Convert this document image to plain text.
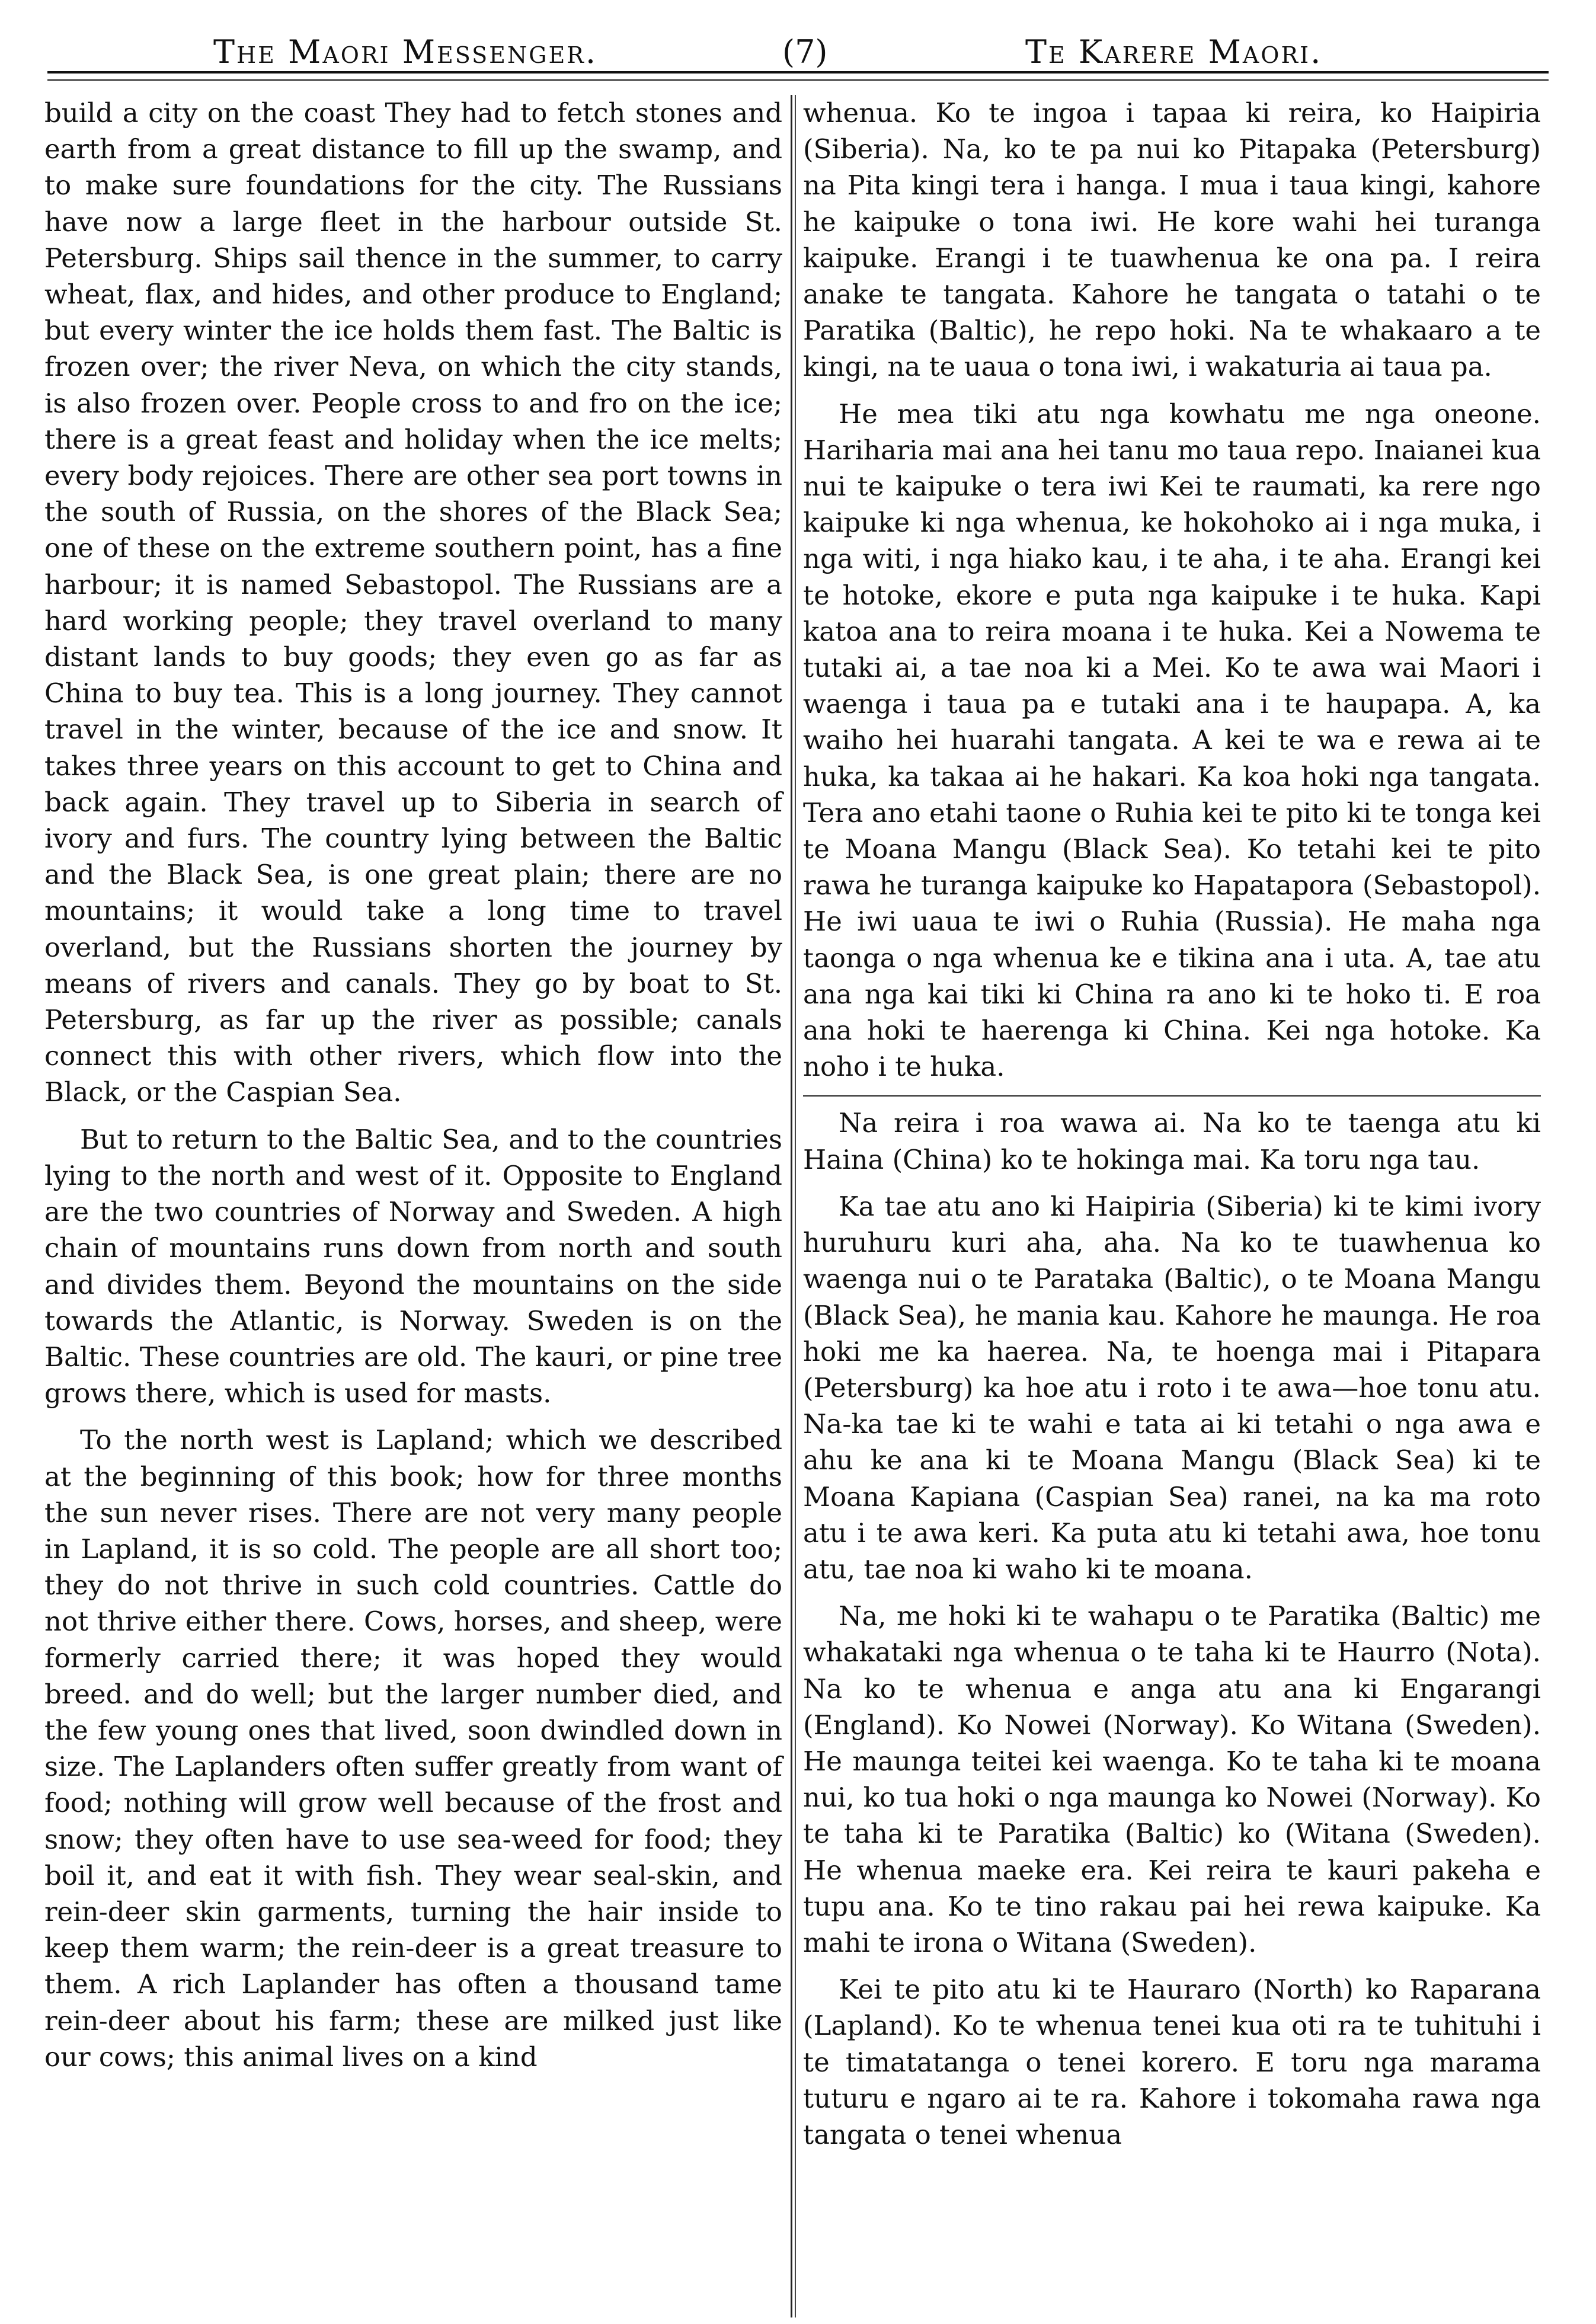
The Maori Messenger.	(7)	Te Karere Maori.

build a city on the coast They had to fetch stones and earth from a great distance to fill up the swamp, and to make sure foundations for the city. The Russians have now a large fleet in the harbour outside St. Petersburg. Ships sail thence in the summer, to carry wheat, flax, and hides, and other produce to England; but every winter the ice holds them fast. The Baltic is frozen over; the river Neva, on which the city stands, is also frozen over. People cross to and fro on the ice; there is a great feast and holiday when the ice melts; every body rejoices. There are other sea port towns in the south of Russia, on the shores of the Black Sea; one of these on the extreme southern point, has a fine harbour; it is named Sebastopol. The Russians are a hard working people; they travel overland to many distant lands to buy goods; they even go as far as China to buy tea. This is a long journey. They cannot travel in the winter, because of the ice and snow. It takes three years on this account to get to China and back again. They travel up to Siberia in search of ivory and furs. The country lying between the Baltic and the Black Sea, is one great plain; there are no mountains; it would take a long time to travel overland, but the Russians shorten the journey by means of rivers and canals. They go by boat to St. Petersburg, as far up the river as possible; canals connect this with other rivers, which flow into the Black, or the Caspian Sea.

But to return to the Baltic Sea, and to the countries lying to the north and west of it. Opposite to England are the two countries of Norway and Sweden. A high chain of mountains runs down from north and south and divides them. Beyond the mountains on the side towards the Atlantic, is Norway. Sweden is on the Baltic. These countries are old. The kauri, or pine tree grows there, which is used for masts.

To the north west is Lapland; which we described at the beginning of this book; how for three months the sun never rises. There are not very many people in Lapland, it is so cold. The people are all short too; they do not thrive in such cold countries. Cattle do not thrive either there. Cows, horses, and sheep, were formerly carried there; it was hoped they would breed. and do well; but the larger number died, and the few young ones that lived, soon dwindled down in size. The Laplanders often suffer greatly from want of food; nothing will grow well because of the frost and snow; they often have to use sea-weed for food; they boil it, and eat it with fish. They wear seal-skin, and rein-deer skin garments, turning the hair inside to keep them warm; the rein-deer is a great treasure to them. A rich Laplander has often a thousand tame rein-deer about his farm; these are milked just like our cows; this animal lives on a kind

whenua. Ko te ingoa i tapaa ki reira, ko Haipiria (Siberia). Na, ko te pa nui ko Pitapaka (Petersburg) na Pita kingi tera i hanga. I mua i taua kingi, kahore he kaipuke o tona iwi. He kore wahi hei turanga kaipuke. Erangi i te tuawhenua ke ona pa. I reira anake te tangata. Kahore he tangata o tatahi o te Paratika (Baltic), he repo hoki. Na te whakaaro a te kingi, na te uaua o tona iwi, i wakaturia ai taua pa.

He mea tiki atu nga kowhatu me nga oneone. Hariharia mai ana hei tanu mo taua repo. Inaianei kua nui te kaipuke o tera iwi Kei te raumati, ka rere ngo kaipuke ki nga whenua, ke hokohoko ai i nga muka, i nga witi, i nga hiako kau, i te aha, i te aha. Erangi kei te hotoke, ekore e puta nga kaipuke i te huka. Kapi katoa ana to reira moana i te huka. Kei a Nowema te tutaki ai, a tae noa ki a Mei. Ko te awa wai Maori i waenga i taua pa e tutaki ana i te haupapa. A, ka waiho hei huarahi tangata. A kei te wa e rewa ai te huka, ka takaa ai he hakari. Ka koa hoki nga tangata. Tera ano etahi taone o Ruhia kei te pito ki te tonga kei te Moana Mangu (Black Sea). Ko tetahi kei te pito rawa he turanga kaipuke ko Hapatapora (Sebastopol). He iwi uaua te iwi o Ruhia (Russia). He maha nga taonga o nga whenua ke e tikina ana i uta. A, tae atu ana nga kai tiki ki China ra ano ki te hoko ti. E roa ana hoki te haerenga ki China. Kei nga hotoke. Ka noho i te huka.

Na reira i roa wawa ai. Na ko te taenga atu ki Haina (China) ko te hokinga mai. Ka toru nga tau.

Ka tae atu ano ki Haipiria (Siberia) ki te kimi ivory huruhuru kuri aha, aha. Na ko te tuawhenua ko waenga nui o te Parataka (Baltic), o te Moana Mangu (Black Sea), he mania kau. Kahore he maunga. He roa hoki me ka haerea. Na, te hoenga mai i Pitapara (Petersburg) ka hoe atu i roto i te awa—hoe tonu atu. Na-ka tae ki te wahi e tata ai ki tetahi o nga awa e ahu ke ana ki te Moana Mangu (Black Sea) ki te Moana Kapiana (Caspian Sea) ranei, na ka ma roto atu i te awa keri. Ka puta atu ki tetahi awa, hoe tonu atu, tae noa ki waho ki te moana.

Na, me hoki ki te wahapu o te Paratika (Baltic) me whakataki nga whenua o te taha ki te Haurro (Nota). Na ko te whenua e anga atu ana ki Engarangi (England). Ko Nowei (Norway). Ko Witana (Sweden). He maunga teitei kei waenga. Ko te taha ki te moana nui, ko tua hoki o nga maunga ko Nowei (Norway). Ko te taha ki te Paratika (Baltic) ko (Witana (Sweden). He whenua maeke era. Kei reira te kauri pakeha e tupu ana. Ko te tino rakau pai hei rewa kaipuke. Ka mahi te irona o Witana (Sweden).

Kei te pito atu ki te Hauraro (North) ko Raparana (Lapland). Ko te whenua tenei kua oti ra te tuhituhi i te timatatanga o tenei korero. E toru nga marama tuturu e ngaro ai te ra. Kahore i tokomaha rawa nga tangata o tenei whenua
